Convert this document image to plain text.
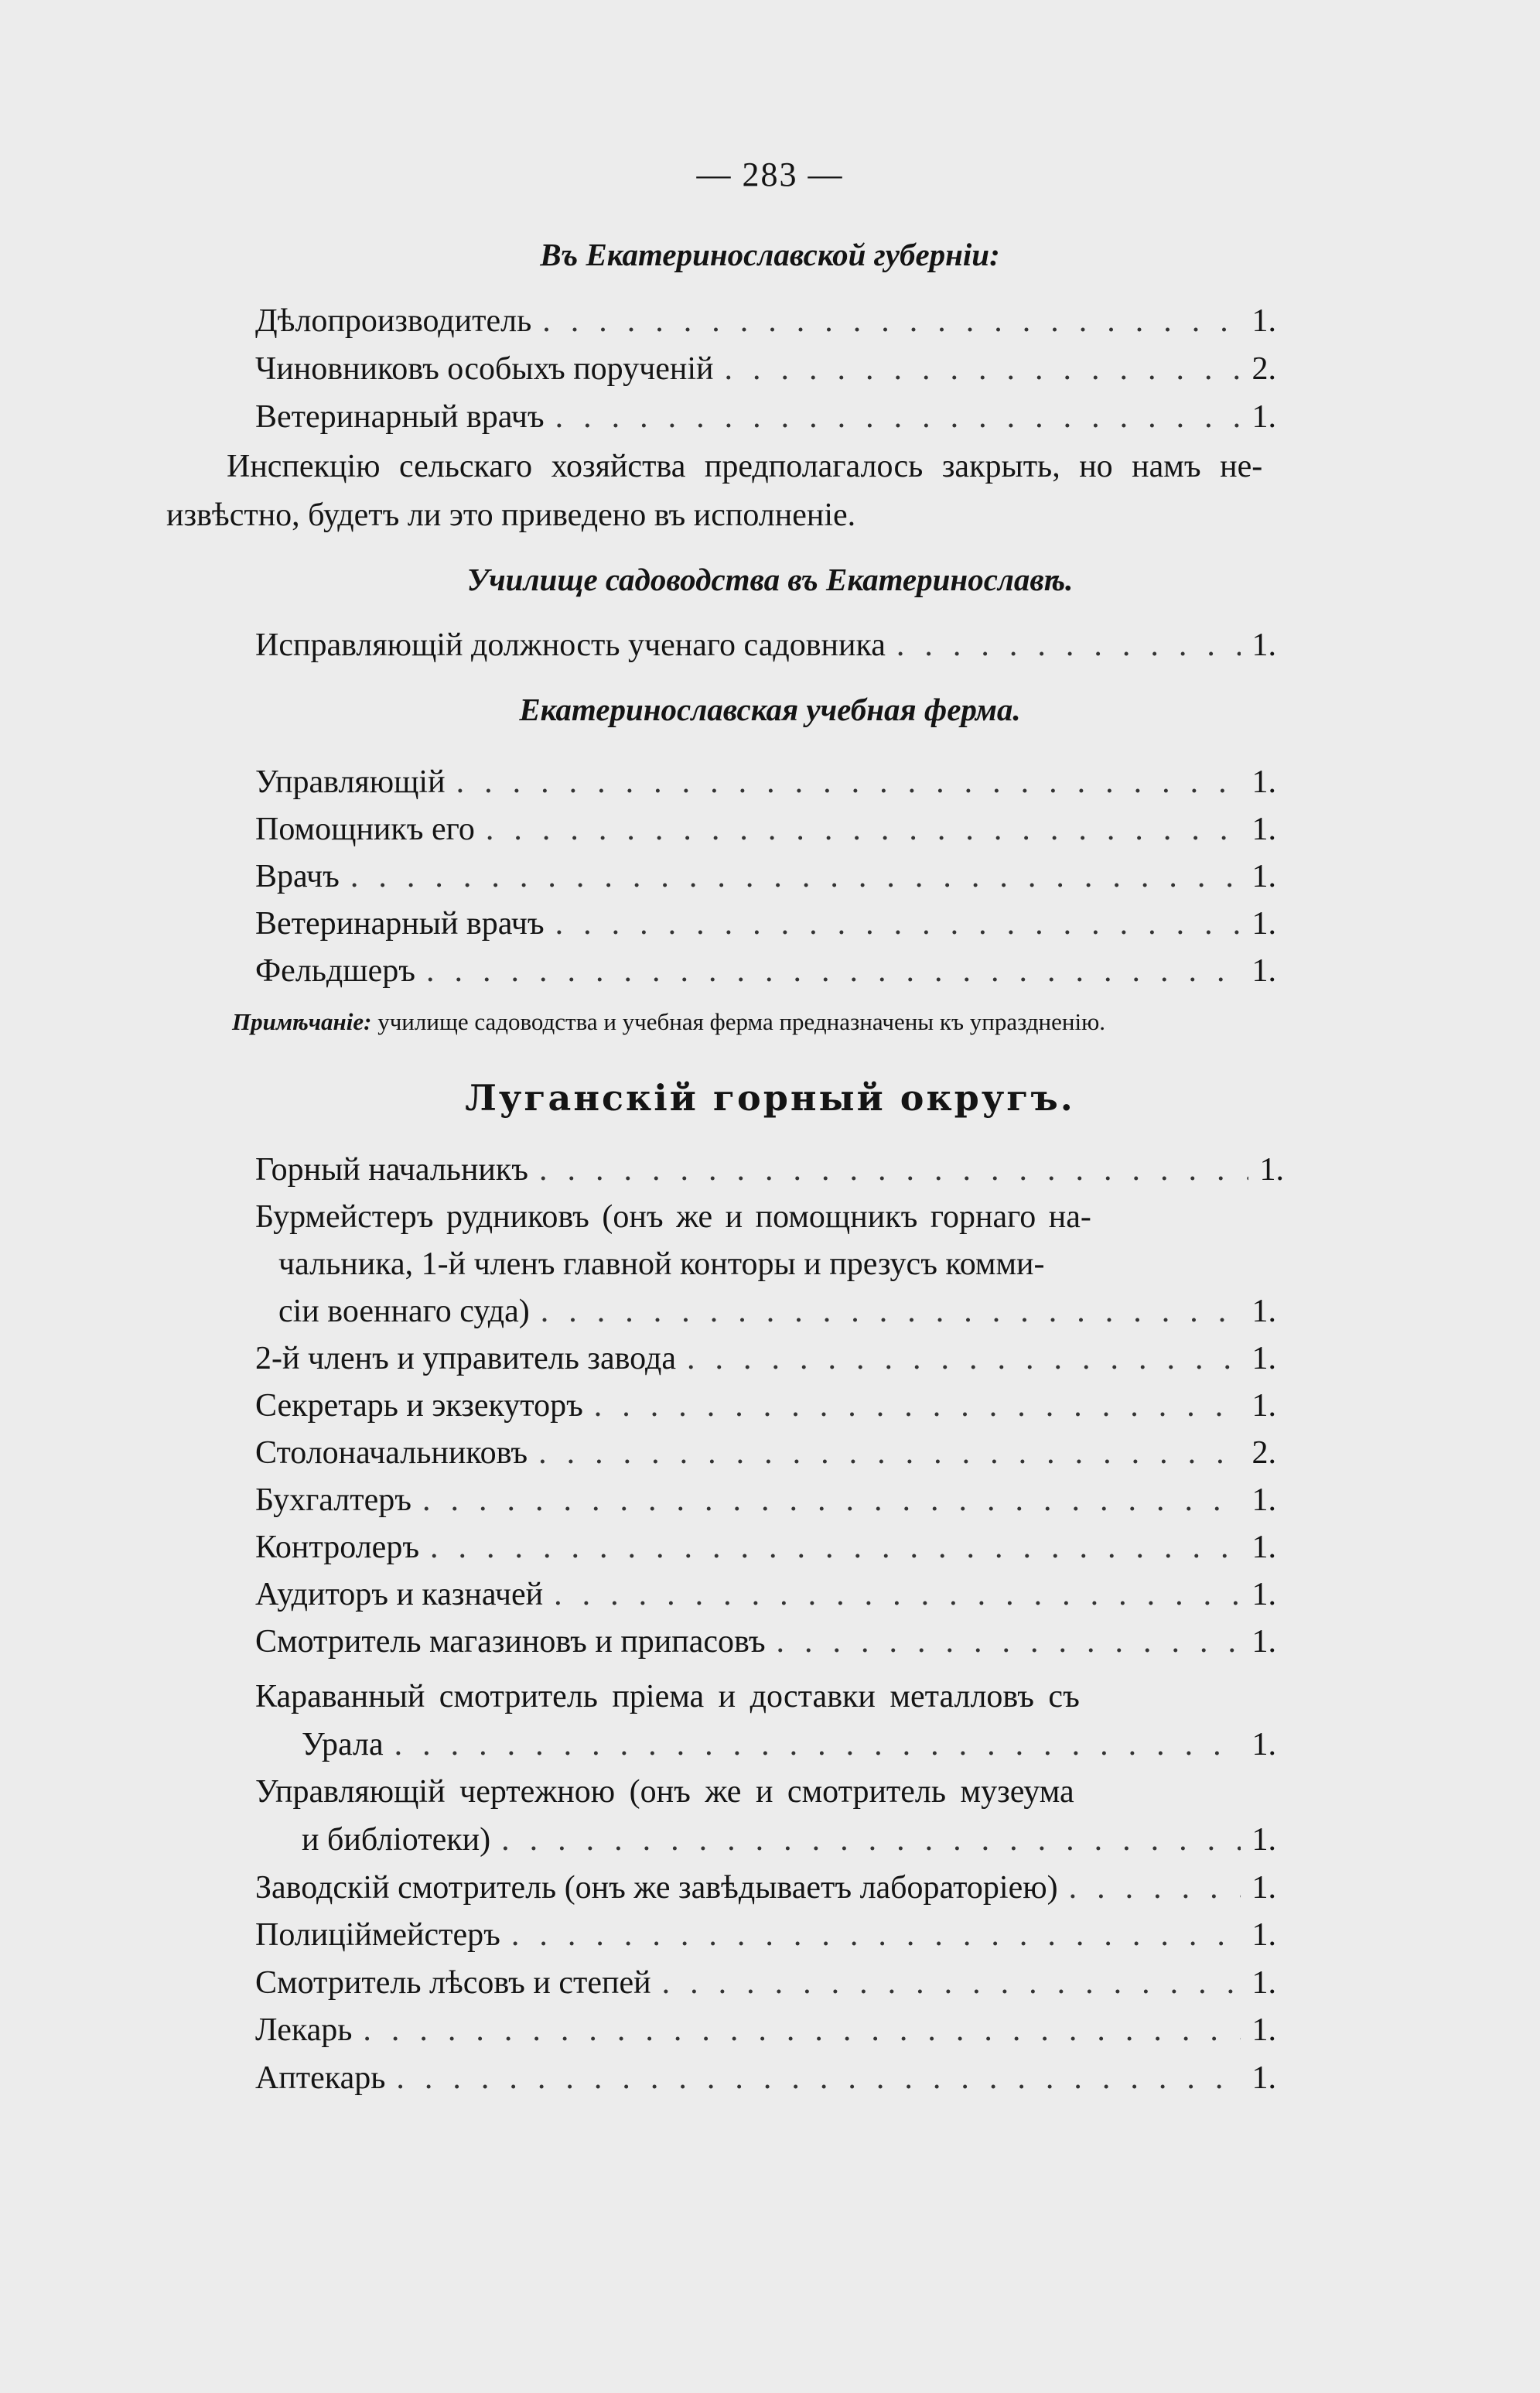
— 283 —
Въ Екатеринославской губерніи:
Дѣлопроизводитель .....	1.
Чиновниковъ особыхъ порученій .....	2.
Ветеринарный врачъ .....	1.
Инспекцію сельскаго хозяйства предполагалось закрыть, но намъ не-
извѣстно, будетъ ли это приведено въ исполненіе.
Училище садоводства въ Екатеринославѣ.
Исправляющій должность ученаго садовника .....	1.
Екатеринославская учебная ферма.
Управляющій .....	1.
Помощникъ его .....	1.
Врачъ .....	1.
Ветеринарный врачъ .....	1.
Фельдшеръ .....	1.
Примѣчаніе: училище садоводства и учебная ферма предназначены къ упраздненію.
Луганскій горный округъ.
Горный начальникъ .....	1.
Бурмейстеръ рудниковъ (онъ же и помощникъ горнаго на-
чальника, 1-й членъ главной конторы и презусъ комми-
сіи военнаго суда) .....	1.
2-й членъ и управитель завода .....	1.
Секретарь и экзекуторъ .....	1.
Столоначальниковъ .....	2.
Бухгалтеръ .....	1.
Контролеръ .....	1.
Аудиторъ и казначей .....	1.
Смотритель магазиновъ и припасовъ .....	1.
Караванный смотритель пріема и доставки металловъ съ
Урала .....	1.
Управляющій чертежною (онъ же и смотритель музеума
и библіотеки) .....	1.
Заводскій смотритель (онъ же завѣдываетъ лабораторіею) .....	1.
Полиціймейстеръ .....	1.
Смотритель лѣсовъ и степей .....	1.
Лекарь .....	1.
Аптекарь .....	1.
